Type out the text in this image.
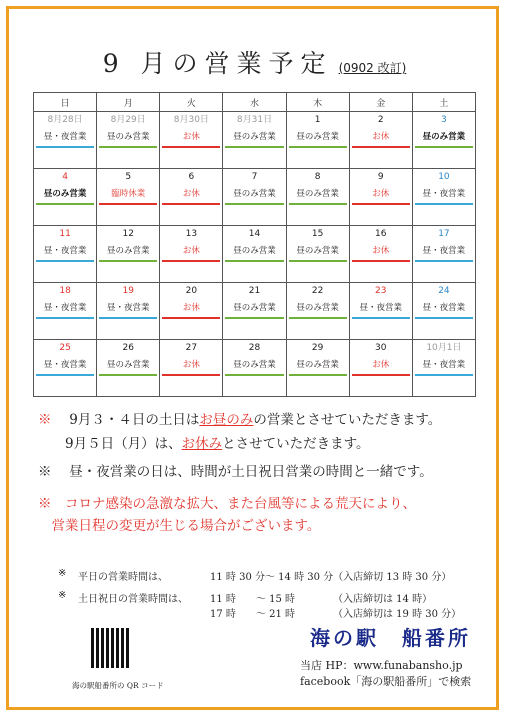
9 月の営業予定 (0902 改訂)
日	月	火	水	木	金	土
8月28日	8月29日	8月30日	8月31日	1	2	3
昼・夜営業	昼のみ営業	お休	昼のみ営業	昼のみ営業	お休	昼のみ営業

4	5	6	7	8	9	10
昼のみ営業	臨時休業	お休	昼のみ営業	昼のみ営業	お休	昼・夜営業

11	12	13	14	15	16	17
昼・夜営業	昼のみ営業	お休	昼のみ営業	昼のみ営業	お休	昼・夜営業

18	19	20	21	22	23	24
昼・夜営業	昼・夜営業	お休	昼のみ営業	昼のみ営業	昼・夜営業	昼・夜営業

25	26	27	28	29	30	10月1日
昼・夜営業	昼のみ営業	お休	昼のみ営業	昼のみ営業	お休	昼・夜営業

※　 9月３・４日の土日はお昼のみの営業とさせていただきます。
　　9月５日（月）は、お休みとさせていただきます。
※　 昼・夜営業の日は、時間が土日祝日営業の時間と一緒です。
※　 コロナ感染の急激な拡大、また台風等による荒天により、
　営業日程の変更が生じる場合がございます。
※ 平日の営業時間は、	11 時 30 分～ 14 時 30 分（入店締切 13 時 30 分）
※ 土日祝日の営業時間は、 11 時　　～ 15 時	（入店締切は 14 時）
17 時　　～ 21 時	（入店締切は 19 時 30 分）
海の駅船番所の QR コード
海の駅　船番所
当店 HP：www.funabansho.jp
facebook「海の駅船番所」で検索
